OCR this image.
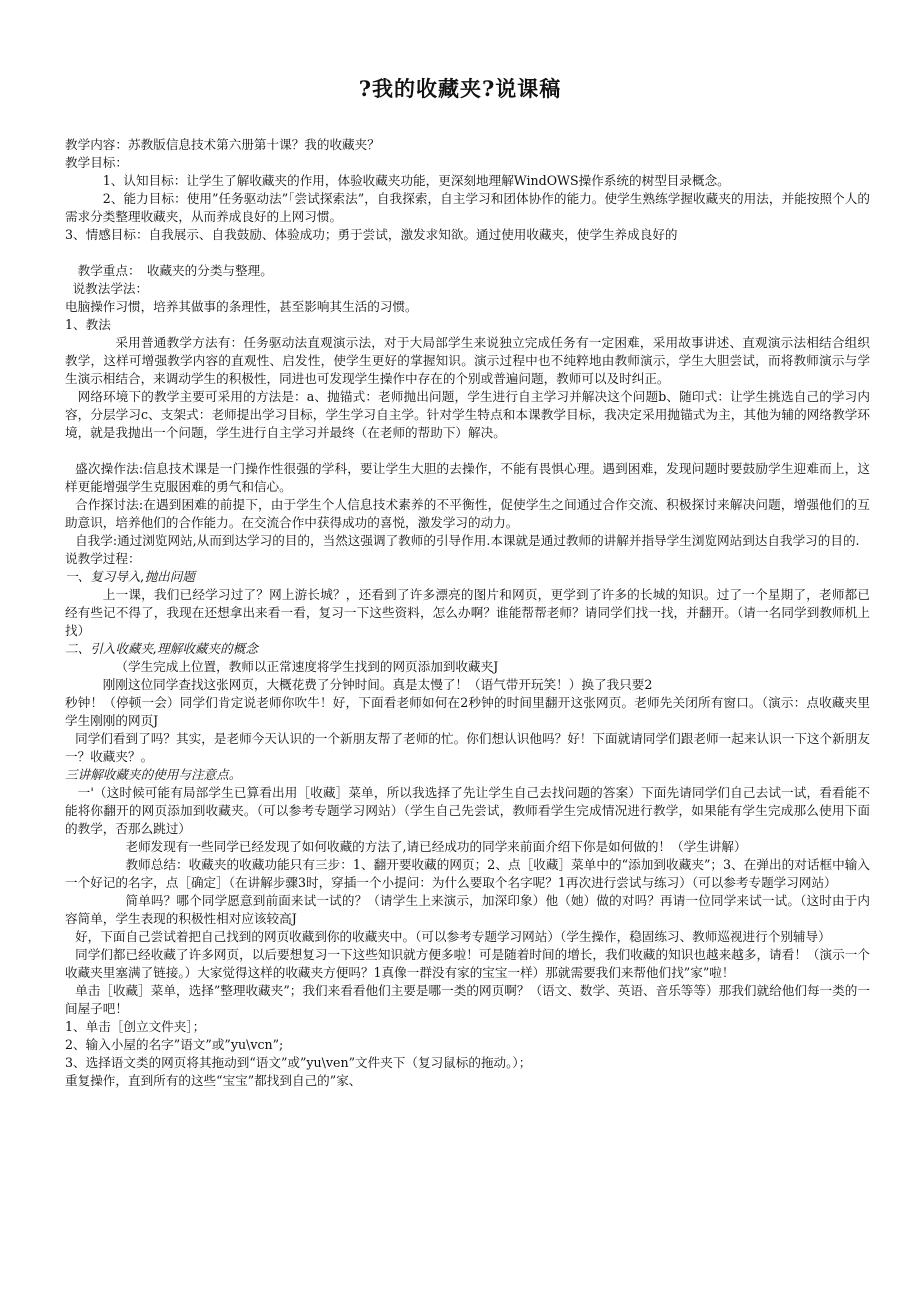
?我的收藏夹?说课稿

教学内容：苏教版信息技术第六册第十课？我的收藏夹？

教学目标：

1、认知目标：让学生了解收藏夹的作用，体验收藏夹功能，更深刻地理解WindOWS操作系统的树型目录概念。

2、能力目标：使用”任务驱动法”「尝试探索法”，自我探索，自主学习和团体协作的能力。使学生熟练学握收藏夹的用法，并能按照个人的需求分类整理收藏夹，从而养成良好的上网习惯。

3、情感目标：自我展示、自我鼓励、体验成功；勇于尝试，激发求知欲。通过使用收藏夹，使学生养成良好的

教学重点：　收藏夹的分类与整理。

说教法学法：

电脑操作习惯，培养其做事的条理性，甚至影响其生活的习惯。

1、教法

采用普通教学方法有：任务驱动法直观演示法，对于大局部学生来说独立完成任务有一定困难，采用故事讲述、直观演示法相结合组织教学，这样可增强教学内容的直观性、启发性，使学生更好的掌握知识。演示过程中也不纯粹地由教师演示，学生大胆尝试，而将教师演示与学生演示相结合，来调动学生的积极性，同进也可发现学生操作中存在的个别或普遍问题，教师可以及时纠正。

网络环境下的教学主要可采用的方法是：a、抛锚式：老师抛出问题，学生进行自主学习并解决这个问题b、随印式：让学生挑选自己的学习内容，分层学习c、支架式：老师提出学习目标，学生学习自主学。针对学生特点和本课教学目标，我决定采用抛锚式为主，其他为辅的网络教学环境，就是我抛出一个问题，学生进行自主学习并最终（在老师的帮助下）解决。

盛次操作法:信息技术课是一门操作性很强的学科，要让学生大胆的去操作，不能有畏惧心理。遇到困难，发现问题时要鼓励学生迎难而上，这样更能增强学生克服困难的勇气和信心。

合作探讨法:在遇到困难的前提下，由于学生个人信息技术素养的不平衡性，促使学生之间通过合作交流、积极探讨来解决问题，增强他们的互助意识，培养他们的合作能力。在交流合作中获得成功的喜悦，激发学习的动力。

自我学:通过浏览网站,从而到达学习的目的，当然这强调了教师的引导作用.本课就是通过教师的讲解并指导学生浏览网站到达自我学习的目的.

说教学过程：

一、复习导入,抛出问题

上一课，我们已经学习过了？网上游长城？，还看到了许多漂亮的图片和网页，更学到了许多的长城的知识。过了一个星期了，老师都已经有些记不得了，我现在还想拿出来看一看，复习一下这些资料，怎么办啊？谁能帮帮老师？请同学们找一找，并翻开。（请一名同学到教师机上找）

二、引入收藏夹,理解收藏夹的概念

（学生完成上位置，教师以正常速度将学生找到的网页添加到收藏夹J

刚刚这位同学查找这张网页，大概花费了分钟时间。真是太慢了！（语气带开玩笑！）换了我只要2

秒钟！（停顿一会）同学们肯定说老师你吹牛！好，下面看老师如何在2秒钟的时间里翻开这张网页。老师先关闭所有窗口。（演示：点收藏夹里学生刚刚的网页J

同学们看到了吗？其实，是老师今天认识的一个新朋友帮了老师的忙。你们想认识他吗？好！下面就请同学们跟老师一起来认识一下这个新朋友一？收藏夹？。

三讲解收藏夹的使用与注意点。

一'（这时候可能有局部学生已算看出用［收藏］菜单，所以我选择了先让学生自己去找问题的答案）下面先请同学们自己去试一试，看看能不能将你翻开的网页添加到收藏夹。（可以参考专题学习网站）（学生自己先尝试，教师看学生完成情况进行教学，如果能有学生完成那么使用下面的教学，否那么跳过）

老师发现有一些同学已经发现了如何收藏的方法了,请已经成功的同学来前面介绍下你是如何做的！（学生讲解）

教师总结：收藏夹的收藏功能只有三步：1、翻开要收藏的网页；2、点［收藏］菜单中的“添加到收藏夹”；3、在弹出的对话框中输入一个好记的名字，点［确定］（在讲解步骤3时，穿插一个小提问：为什么要取个名字呢？1再次进行尝试与练习）（可以参考专题学习网站）

简单吗？哪个同学愿意到前面来试一试的？（请学生上来演示，加深印象）他（她）做的对吗？再请一位同学来试一试。（这时由于内容简单，学生表现的积极性相对应该较高J

好，下面自己尝试着把自己找到的网页收藏到你的收藏夹中。（可以参考专题学习网站）（学生操作，稳固练习、教师巡视进行个别辅导）

同学们都已经收藏了许多网页，以后要想复习一下这些知识就方便多啦！可是随着时间的增长，我们收藏的知识也越来越多，请看！（演示一个收藏夹里塞满了链接。）大家觉得这样的收藏夹方便吗？1真像一群没有家的宝宝一样）那就需要我们来帮他们找”家”啦！

单击［收藏］菜单，选择”整理收藏夹”；我们来看看他们主要是哪一类的网页啊？（语文、数学、英语、音乐等等）那我们就给他们每一类的一间屋子吧！

1、单击［创立文件夹］；

2、输入小屋的名字”语文”或”yu\vcn”;

3、选择语文类的网页将其拖动到“语文”或”yu\ven”文件夹下（复习鼠标的拖动。）；

重复操作，直到所有的这些“宝宝”都找到自己的”家、
